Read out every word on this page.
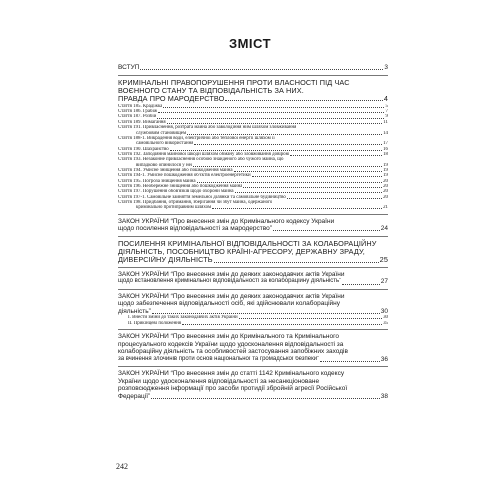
ЗМІСТ
ВСТУП	3
КРИМІНАЛЬНІ ПРАВОПОРУШЕННЯ ПРОТИ ВЛАСНОСТІ ПІД ЧАС
ВОЄННОГО СТАНУ ТА ВІДПОВІДАЛЬНІСТЬ ЗА НИХ.
ПРАВДА ПРО МАРОДЕРСТВО	4
Стаття 185. Крадіжка	5
Стаття 186. Грабіж	7
Стаття 187. Розбій	9
Стаття 189. Вимагання	11
Стаття 191. Привласнення, розтрата майна або заволодіння ним шляхом зловживання
службовим становищем	14
Стаття 188-1. Викрадення води, електричної або теплової енергії шляхом її
самовільного використання	17
Стаття 190. Шахрайство	16
Стаття 192. Заподіяння майнової шкоди шляхом обману або зловживання довірою	18
Стаття 193. Незаконне привласнення особою знайденого або чужого майна, що
випадково опинилося у неї	19
Стаття 194. Умисне знищення або пошкодження майна	19
Стаття 194-1. Умисне пошкодження об'єктів електроенергетики	19
Стаття 195. Погроза знищення майна	20
Стаття 196. Необережне знищення або пошкодження майна	20
Стаття 197. Порушення обов'язків щодо охорони майна	20
Стаття 197-1. Самовільне зайняття земельної ділянки та самовільне будівництво	20
Стаття 198. Придбання, отримання, зберігання чи збут майна, одержаного
кримінально протиправним шляхом	21
ЗАКОН УКРАЇНИ “Про внесення змін до Кримінального кодексу України
щодо посилення відповідальності за мародерство”	24
ПОСИЛЕННЯ КРИМІНАЛЬНОЇ ВІДПОВІДАЛЬНОСТІ ЗА КОЛАБОРАЦІЙНУ
ДІЯЛЬНІСТЬ, ПОСОБНИЦТВО КРАЇНІ-АГРЕСОРУ, ДЕРЖАВНУ ЗРАДУ,
ДИВЕРСІЙНУ ДІЯЛЬНІСТЬ	25
ЗАКОН УКРАЇНИ “Про внесення змін до деяких законодавчих актів України
щодо встановлення кримінальної відповідальності за колабораційну діяльність”	27
ЗАКОН УКРАЇНИ “Про внесення змін до деяких законодавчих актів України
щодо забезпечення відповідальності осіб, які здійснювали колабораційну
діяльність”	30
І. Внести зміни до таких законодавчих актів України	30
ІІ. Прикінцеві положення	35
ЗАКОН УКРАЇНИ “Про внесення змін до Кримінального та Кримінального
процесуального кодексів України щодо удосконалення відповідальності за
колабораційну діяльність та особливостей застосування запобіжних заходів
за вчинення злочинів проти основ національної та громадської безпеки”	36
ЗАКОН УКРАЇНИ “Про внесення змін до статті 1142 Кримінального кодексу
України щодо удосконалення відповідальності за несанкціоноване
розповсюдження інформації про засоби протидії збройній агресії Російської
Федерації”	38
242
